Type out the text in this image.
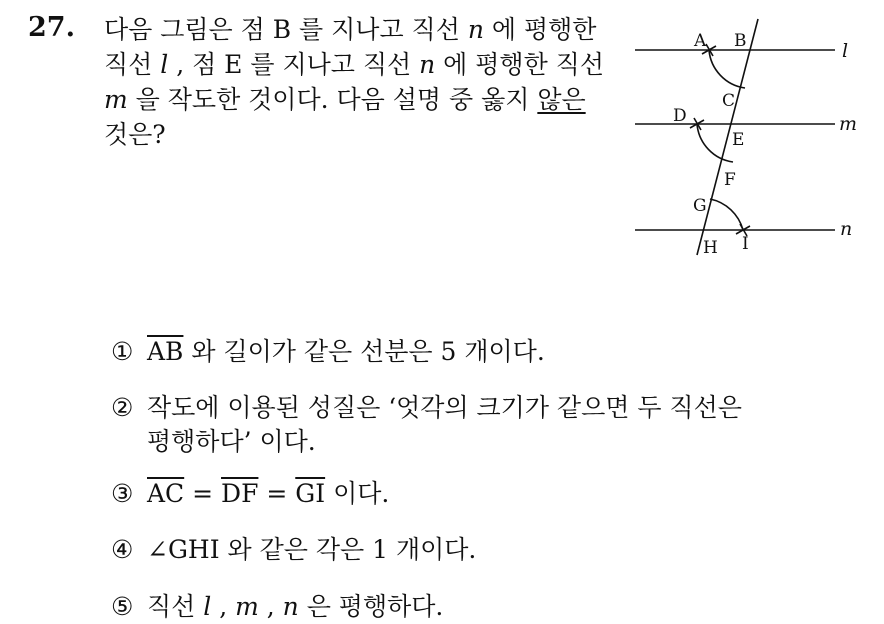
27. 다음 그림은 점 B 를 지나고 직선 n 에 평행한
직선 l , 점 E 를 지나고 직선 n 에 평행한 직선
m 을 작도한 것이다. 다음 설명 중 옳지 않은
것은?
A B
C
D
E
F
G
H I
l
m
n
① $\overline{AB}$ 와 길이가 같은 선분은 5 개이다.
② 작도에 이용된 성질은 ‘엇각의 크기가 같으면 두 직선은
평행하다’ 이다.
③ $\overline{AC} = \overline{DF} = \overline{GI}$ 이다.
④ ∠GHI 와 같은 각은 1 개이다.
⑤ 직선 l , m , n 은 평행하다.
